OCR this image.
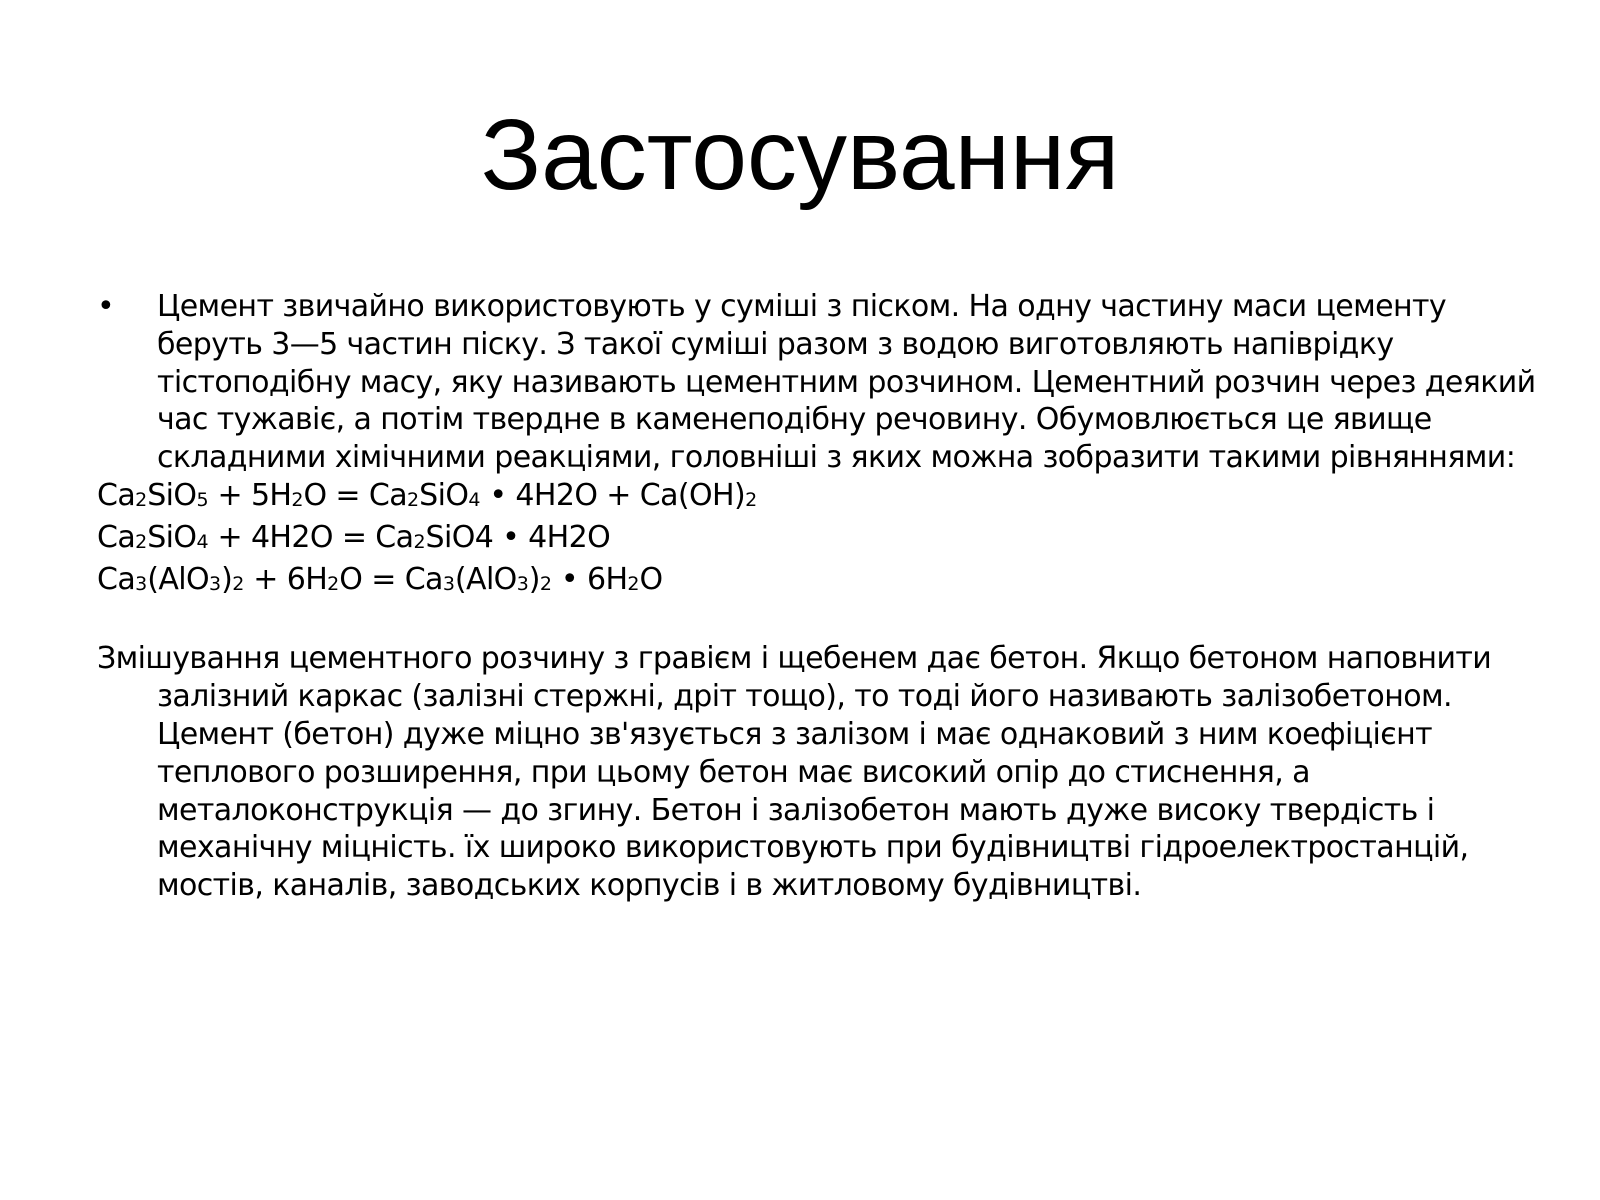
Застосування

•	Цемент звичайно використовують у суміші з піском. На одну частину маси цементу беруть 3—5 частин піску. З такої суміші разом з водою виготовляють напіврідку тістоподібну масу, яку називають цементним розчином. Цементний розчин через деякий час тужавіє, а потім твердне в каменеподібну речовину. Обумовлюється це явище складними хімічними реакціями, головніші з яких можна зобразити такими рівняннями:

$Ca_2SiO_5 + 5H_2O = Ca_2SiO_4$ • $4H2O + Ca(OH)_2$

$Ca_2SiO_4 + 4H2O = Ca_2SiO4$ • 4H2O

$Ca_3(AlO_3)_2 + 6H_2O = Ca_3(AlO_3)_2$ • $6H_2O$

Змішування цементного розчину з гравієм і щебенем дає бетон. Якщо бетоном наповнити залізний каркас (залізні стержні, дріт тощо), то тоді його називають залізобетоном. Цемент (бетон) дуже міцно зв'язується з залізом і має однаковий з ним коефіцієнт теплового розширення, при цьому бетон має високий опір до стиснення, а металоконструкція — до згину. Бетон і залізобетон мають дуже високу твердість і механічну міцність. їх широко використовують при будівництві гідроелектростанцій, мостів, каналів, заводських корпусів і в житловому будівництві.
